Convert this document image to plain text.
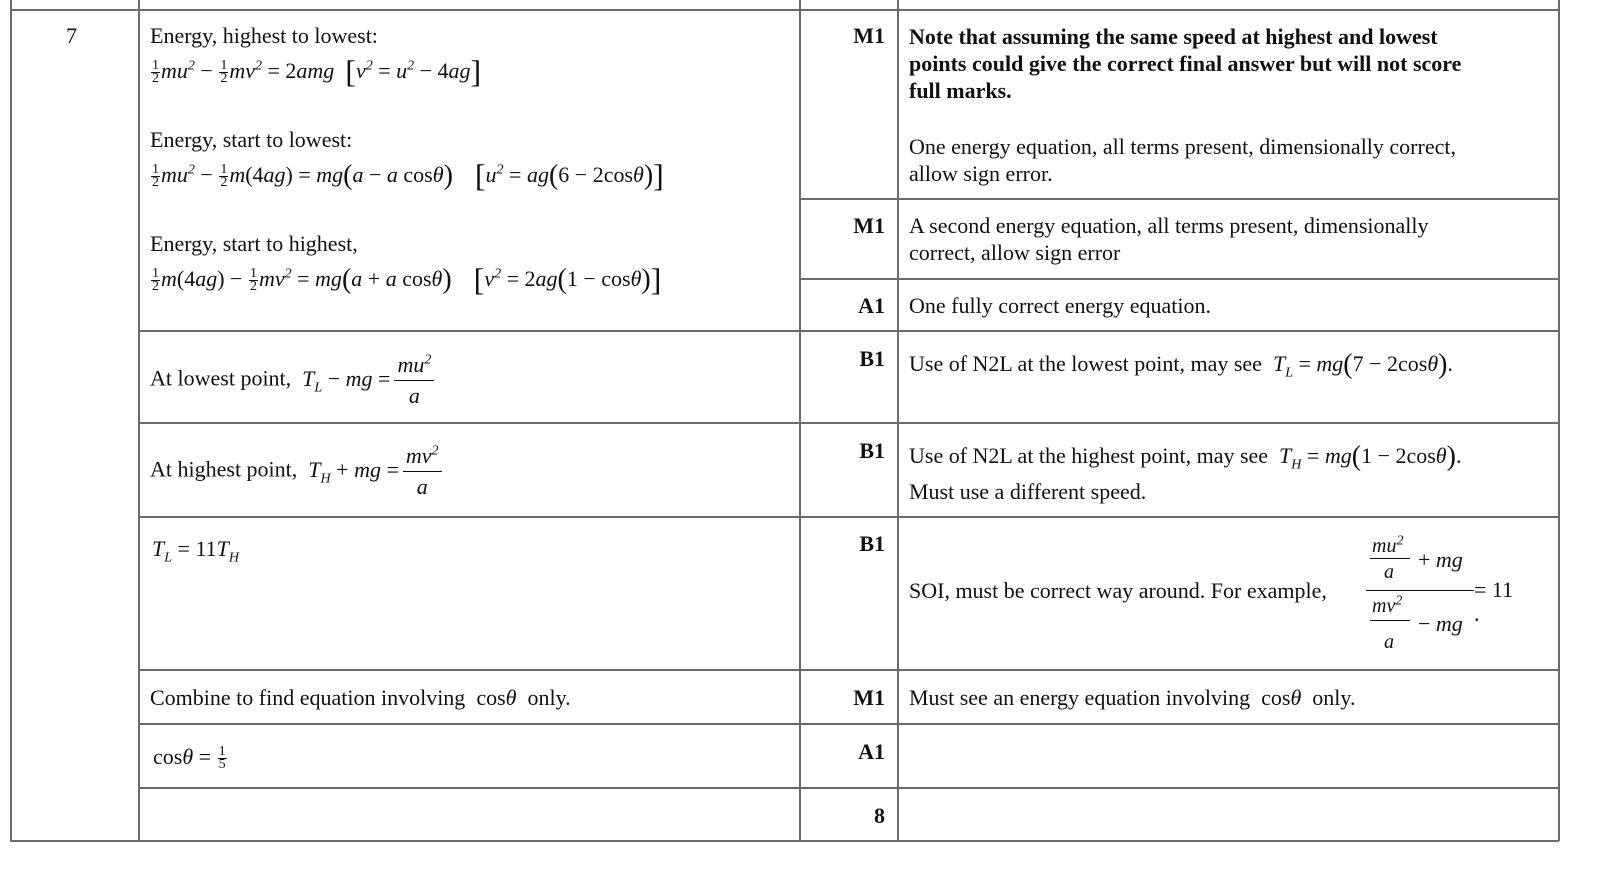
7	Energy, highest to lowest:
$\frac{1}{2} mu^2 - \frac{1}{2} mv^2 = 2amg$  $[v^2 = u^2 - 4ag]$
Energy, start to lowest:
$\frac{1}{2} mu^2 - \frac{1}{2} m(4ag) = mg(a - a$ cosθ) $[u^2 = ag(6 - 2\cos\theta)]$
Energy, start to highest,
$\frac{1}{2} m(4ag) - \frac{1}{2} mv^2 = mg(a + a$ cosθ) $[v^2 = 2ag(1 - \cos\theta)]$
At lowest point,  $T_L$ − mg = $\frac{mu^2}{a}$
At highest point,  $T_H$ + mg = $\frac{mv^2}{a}$
$T_L = 11T_H$
Combine to find equation involving  cosθ only.
$\cos\theta = \frac{1}{5}$
M1
M1
A1
B1
B1
B1
M1
A1
8
Note that assuming the same speed at highest and lowest
points could give the correct final answer but will not score
full marks.
One energy equation, all terms present, dimensionally correct,
allow sign error.
A second energy equation, all terms present, dimensionally
correct, allow sign error
One fully correct energy equation.
Use of N2L at the lowest point, may see  $T_L = mg(7 - 2\cos\theta)$.
Use of N2L at the highest point, may see  $T_H = mg(1 - 2\cos\theta)$.
Must use a different speed.
SOI, must be correct way around. For example,
$mu^2$
a + mg
$mv^2$
a
− mg
= 11 .
Must see an energy equation involving  cosθ only.
